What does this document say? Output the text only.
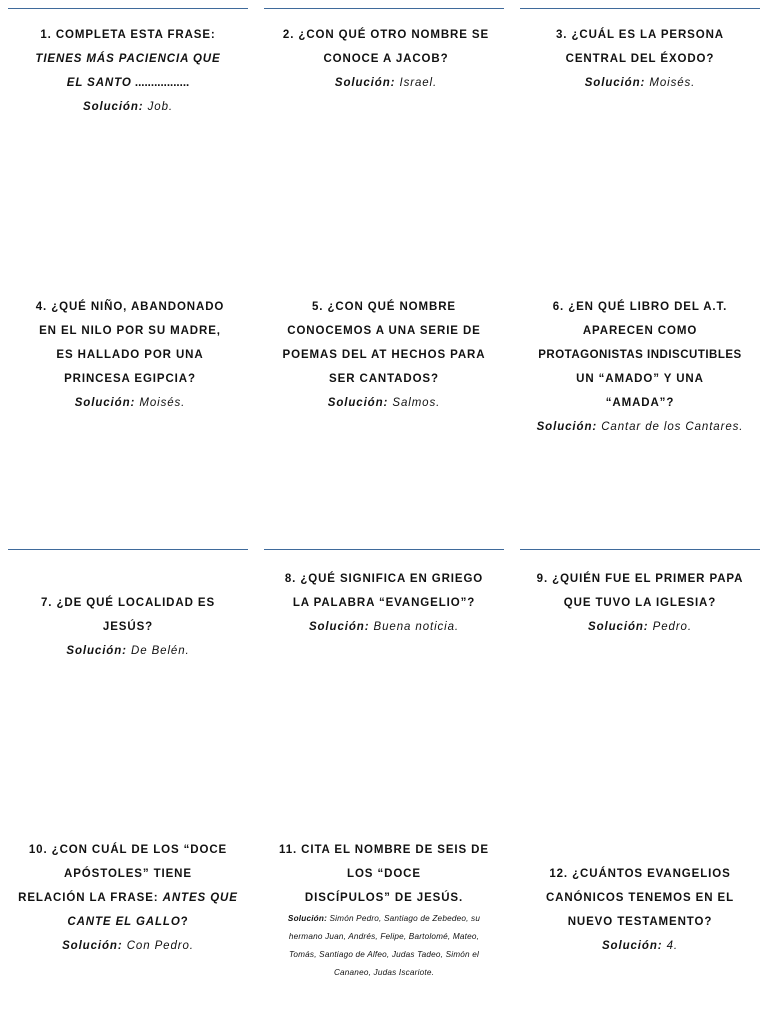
1. COMPLETA ESTA FRASE:
TIENES MÁS PACIENCIA QUE
EL SANTO .................
Solución: Job.
2. ¿CON QUÉ OTRO NOMBRE SE
CONOCE A JACOB?
Solución: Israel.
3. ¿CUÁL ES LA PERSONA
CENTRAL DEL ÉXODO?
Solución: Moisés.
4. ¿QUÉ NIÑO, ABANDONADO
EN EL NILO POR SU MADRE,
ES HALLADO POR UNA
PRINCESA EGIPCIA?
Solución: Moisés.
5. ¿CON QUÉ NOMBRE
CONOCEMOS A UNA SERIE DE
POEMAS DEL AT HECHOS PARA
SER CANTADOS?
Solución: Salmos.
6. ¿EN QUÉ LIBRO DEL A.T.
APARECEN COMO
PROTAGONISTAS INDISCUTIBLES
UN “AMADO” Y UNA
“AMADA”?
Solución: Cantar de los Cantares.
7. ¿DE QUÉ LOCALIDAD ES
JESÚS?
Solución: De Belén.
8. ¿QUÉ SIGNIFICA EN GRIEGO
LA PALABRA “EVANGELIO”?
Solución: Buena noticia.
9. ¿QUIÉN FUE EL PRIMER PAPA
QUE TUVO LA IGLESIA?
Solución: Pedro.
10. ¿CON CUÁL DE LOS “DOCE
APÓSTOLES” TIENE
RELACIÓN LA FRASE: ANTES QUE
CANTE EL GALLO?
Solución: Con Pedro.
11. CITA EL NOMBRE DE SEIS DE
LOS “DOCE
DISCÍPULOS” DE JESÚS.
Solución: Simón Pedro, Santiago de Zebedeo, su
hermano Juan, Andrés, Felipe, Bartolomé, Mateo,
Tomás, Santiago de Alfeo, Judas Tadeo, Simón el
Cananeo, Judas Iscariote.
12. ¿CUÁNTOS EVANGELIOS
CANÓNICOS TENEMOS EN EL
NUEVO TESTAMENTO?
Solución: 4.
